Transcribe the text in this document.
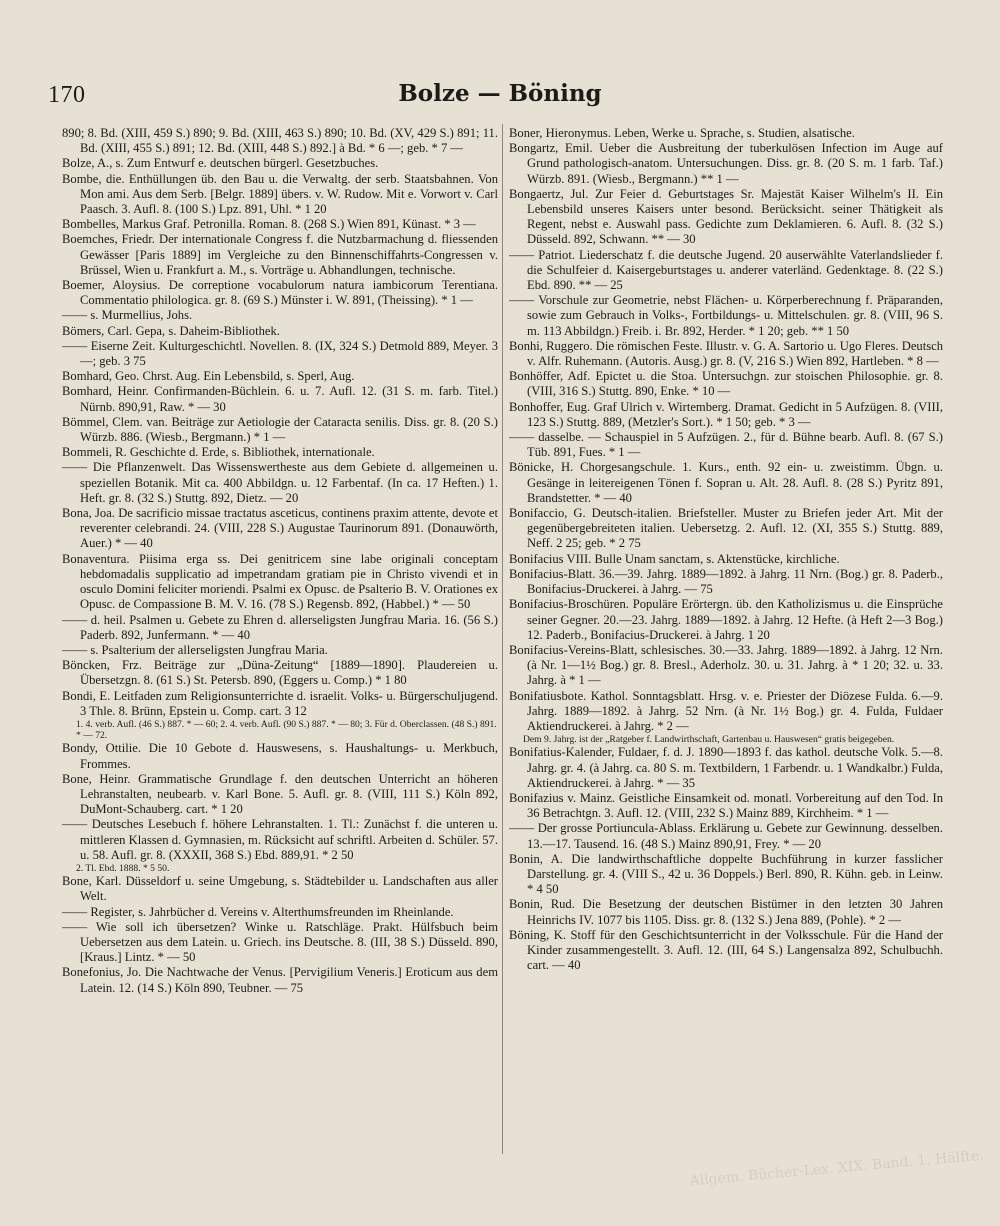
170	Bolze — Böning

890; 8. Bd. (XIII, 459 S.) 890; 9. Bd. (XIII, 463 S.) 890; 10. Bd. (XV, 429 S.) 891; 11. Bd. (XIII, 455 S.) 891; 12. Bd. (XIII, 448 S.) 892.] à Bd. * 6 —; geb. * 7 —

Bolze, A., s. Zum Entwurf e. deutschen bürgerl. Gesetzbuches.

Bombe, die. Enthüllungen üb. den Bau u. die Verwaltg. der serb. Staatsbahnen. Von Mon ami. Aus dem Serb. [Belgr. 1889] übers. v. W. Rudow. Mit e. Vorwort v. Carl Paasch. 3. Aufl. 8. (100 S.) Lpz. 891, Uhl. * 1 20

Bombelles, Markus Graf. Petronilla. Roman. 8. (268 S.) Wien 891, Künast. * 3 —

Boemches, Friedr. Der internationale Congress f. die Nutzbarmachung d. fliessenden Gewässer [Paris 1889] im Vergleiche zu den Binnenschiffahrts-Congressen v. Brüssel, Wien u. Frankfurt a. M., s. Vorträge u. Abhandlungen, technische.

Boemer, Aloysius. De correptione vocabulorum natura iambicorum Terentiana. Commentatio philologica. gr. 8. (69 S.) Münster i. W. 891, (Theissing). * 1 —

—— s. Murmellius, Johs.

Bömers, Carl. Gepa, s. Daheim-Bibliothek.

—— Eiserne Zeit. Kulturgeschichtl. Novellen. 8. (IX, 324 S.) Detmold 889, Meyer. 3 —; geb. 3 75

Bomhard, Geo. Chrst. Aug. Ein Lebensbild, s. Sperl, Aug.

Bomhard, Heinr. Confirmanden-Büchlein. 6. u. 7. Aufl. 12. (31 S. m. farb. Titel.) Nürnb. 890,91, Raw. * — 30

Bömmel, Clem. van. Beiträge zur Aetiologie der Cataracta senilis. Diss. gr. 8. (20 S.) Würzb. 886. (Wiesb., Bergmann.) * 1 —

Bommeli, R. Geschichte d. Erde, s. Bibliothek, internationale.

—— Die Pflanzenwelt. Das Wissenswertheste aus dem Gebiete d. allgemeinen u. speziellen Botanik. Mit ca. 400 Abbildgn. u. 12 Farbentaf. (In ca. 17 Heften.) 1. Heft. gr. 8. (32 S.) Stuttg. 892, Dietz. — 20

Bona, Joa. De sacrificio missae tractatus asceticus, continens praxim attente, devote et reverenter celebrandi. 24. (VIII, 228 S.) Augustae Taurinorum 891. (Donauwörth, Auer.) * — 40

Bonaventura. Piisima erga ss. Dei genitricem sine labe originali conceptam hebdomadalis supplicatio ad impetrandam gratiam pie in Christo vivendi et in osculo Domini feliciter moriendi. Psalmi ex Opusc. de Psalterio B. V. Orationes ex Opusc. de Compassione B. M. V. 16. (78 S.) Regensb. 892, (Habbel.) * — 50

—— d. heil. Psalmen u. Gebete zu Ehren d. allerseligsten Jungfrau Maria. 16. (56 S.) Paderb. 892, Junfermann. * — 40

—— s. Psalterium der allerseligsten Jungfrau Maria.

Böncken, Frz. Beiträge zur „Düna-Zeitung“ [1889—1890]. Plaudereien u. Übersetzgn. 8. (61 S.) St. Petersb. 890, (Eggers u. Comp.) * 1 80

Bondi, E. Leitfaden zum Religionsunterrichte d. israelit. Volks- u. Bürgerschuljugend. 3 Thle. 8. Brünn, Epstein u. Comp. cart. 3 12

1. 4. verb. Aufl. (46 S.) 887. * — 60; 2. 4. verb. Aufl. (90 S.) 887. * — 80; 3. Für d. Oberclassen. (48 S.) 891. * — 72.

Bondy, Ottilie. Die 10 Gebote d. Hauswesens, s. Haushaltungs- u. Merkbuch, Frommes.

Bone, Heinr. Grammatische Grundlage f. den deutschen Unterricht an höheren Lehranstalten, neubearb. v. Karl Bone. 5. Aufl. gr. 8. (VIII, 111 S.) Köln 892, DuMont-Schauberg. cart. * 1 20

—— Deutsches Lesebuch f. höhere Lehranstalten. 1. Tl.: Zunächst f. die unteren u. mittleren Klassen d. Gymnasien, m. Rücksicht auf schriftl. Arbeiten d. Schüler. 57. u. 58. Aufl. gr. 8. (XXXII, 368 S.) Ebd. 889,91. * 2 50

2. Tl. Ebd. 1888. * 5 50.

Bone, Karl. Düsseldorf u. seine Umgebung, s. Städtebilder u. Landschaften aus aller Welt.

—— Register, s. Jahrbücher d. Vereins v. Alterthumsfreunden im Rheinlande.

—— Wie soll ich übersetzen? Winke u. Ratschläge. Prakt. Hülfsbuch beim Uebersetzen aus dem Latein. u. Griech. ins Deutsche. 8. (III, 38 S.) Düsseld. 890, [Kraus.] Lintz. * — 50

Bonefonius, Jo. Die Nachtwache der Venus. [Pervigilium Veneris.] Eroticum aus dem Latein. 12. (14 S.) Köln 890, Teubner. — 75

Boner, Hieronymus. Leben, Werke u. Sprache, s. Studien, alsatische.

Bongartz, Emil. Ueber die Ausbreitung der tuberkulösen Infection im Auge auf Grund pathologisch-anatom. Untersuchungen. Diss. gr. 8. (20 S. m. 1 farb. Taf.) Würzb. 891. (Wiesb., Bergmann.) ** 1 —

Bongaertz, Jul. Zur Feier d. Geburtstages Sr. Majestät Kaiser Wilhelm's II. Ein Lebensbild unseres Kaisers unter besond. Berücksicht. seiner Thätigkeit als Regent, nebst e. Auswahl pass. Gedichte zum Deklamieren. 6. Aufl. 8. (32 S.) Düsseld. 892, Schwann. ** — 30

—— Patriot. Liederschatz f. die deutsche Jugend. 20 auserwählte Vaterlandslieder f. die Schulfeier d. Kaisergeburtstages u. anderer vaterländ. Gedenktage. 8. (22 S.) Ebd. 890. ** — 25

—— Vorschule zur Geometrie, nebst Flächen- u. Körperberechnung f. Präparanden, sowie zum Gebrauch in Volks-, Fortbildungs- u. Mittelschulen. gr. 8. (VIII, 96 S. m. 113 Abbildgn.) Freib. i. Br. 892, Herder. * 1 20; geb. ** 1 50

Bonhi, Ruggero. Die römischen Feste. Illustr. v. G. A. Sartorio u. Ugo Fleres. Deutsch v. Alfr. Ruhemann. (Autoris. Ausg.) gr. 8. (V, 216 S.) Wien 892, Hartleben. * 8 —

Bonhöffer, Adf. Epictet u. die Stoa. Untersuchgn. zur stoischen Philosophie. gr. 8. (VIII, 316 S.) Stuttg. 890, Enke. * 10 —

Bonhoffer, Eug. Graf Ulrich v. Wirtemberg. Dramat. Gedicht in 5 Aufzügen. 8. (VIII, 123 S.) Stuttg. 889, (Metzler's Sort.). * 1 50; geb. * 3 —

—— dasselbe. — Schauspiel in 5 Aufzügen. 2., für d. Bühne bearb. Aufl. 8. (67 S.) Tüb. 891, Fues. * 1 —

Bönicke, H. Chorgesangschule. 1. Kurs., enth. 92 ein- u. zweistimm. Übgn. u. Gesänge in leitereigenen Tönen f. Sopran u. Alt. 28. Aufl. 8. (28 S.) Pyritz 891, Brandstetter. * — 40

Bonifaccio, G. Deutsch-italien. Briefsteller. Muster zu Briefen jeder Art. Mit der gegenübergebreiteten italien. Uebersetzg. 2. Aufl. 12. (XI, 355 S.) Stuttg. 889, Neff. 2 25; geb. * 2 75

Bonifacius VIII. Bulle Unam sanctam, s. Aktenstücke, kirchliche.

Bonifacius-Blatt. 36.—39. Jahrg. 1889—1892. à Jahrg. 11 Nrn. (Bog.) gr. 8. Paderb., Bonifacius-Druckerei. à Jahrg. — 75

Bonifacius-Broschüren. Populäre Erörtergn. üb. den Katholizismus u. die Einsprüche seiner Gegner. 20.—23. Jahrg. 1889—1892. à Jahrg. 12 Hefte. (à Heft 2—3 Bog.) 12. Paderb., Bonifacius-Druckerei. à Jahrg. 1 20

Bonifacius-Vereins-Blatt, schlesisches. 30.—33. Jahrg. 1889—1892. à Jahrg. 12 Nrn. (à Nr. 1—1½ Bog.) gr. 8. Bresl., Aderholz. 30. u. 31. Jahrg. à * 1 20; 32. u. 33. Jahrg. à * 1 —

Bonifatiusbote. Kathol. Sonntagsblatt. Hrsg. v. e. Priester der Diözese Fulda. 6.—9. Jahrg. 1889—1892. à Jahrg. 52 Nrn. (à Nr. 1½ Bog.) gr. 4. Fulda, Fuldaer Aktiendruckerei. à Jahrg. * 2 —

Dem 9. Jahrg. ist der „Ratgeber f. Landwirthschaft, Gartenbau u. Hauswesen“ gratis beigegeben.

Bonifatius-Kalender, Fuldaer, f. d. J. 1890—1893 f. das kathol. deutsche Volk. 5.—8. Jahrg. gr. 4. (à Jahrg. ca. 80 S. m. Textbildern, 1 Farbendr. u. 1 Wandkalbr.) Fulda, Aktiendruckerei. à Jahrg. * — 35

Bonifazius v. Mainz. Geistliche Einsamkeit od. monatl. Vorbereitung auf den Tod. In 36 Betrachtgn. 3. Aufl. 12. (VIII, 232 S.) Mainz 889, Kirchheim. * 1 —

—— Der grosse Portiuncula-Ablass. Erklärung u. Gebete zur Gewinnung. desselben. 13.—17. Tausend. 16. (48 S.) Mainz 890,91, Frey. * — 20

Bonin, A. Die landwirthschaftliche doppelte Buchführung in kurzer fasslicher Darstellung. gr. 4. (VIII S., 42 u. 36 Doppels.) Berl. 890, R. Kühn. geb. in Leinw. * 4 50

Bonin, Rud. Die Besetzung der deutschen Bistümer in den letzten 30 Jahren Heinrichs IV. 1077 bis 1105. Diss. gr. 8. (132 S.) Jena 889, (Pohle). * 2 —

Böning, K. Stoff für den Geschichtsunterricht in der Volksschule. Für die Hand der Kinder zusammengestellt. 3. Aufl. 12. (III, 64 S.) Langensalza 892, Schulbuchh. cart. — 40

Allgem. Bücher-Lex. XIX. Band. 1. Hälfte.
